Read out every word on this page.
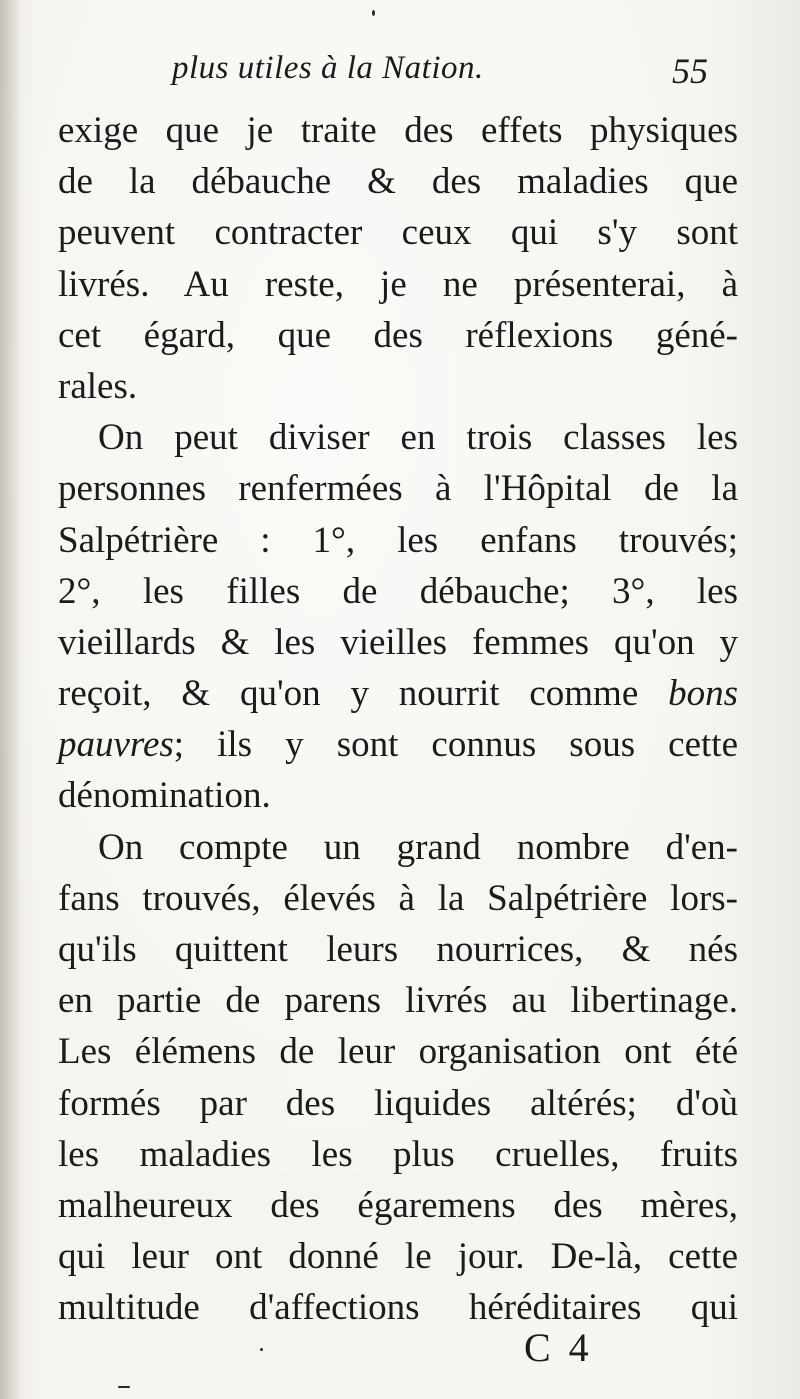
plus utiles à la Nation.	55
exige que je traite des effets physiques
de la débauche & des maladies que
peuvent contracter ceux qui s'y sont
livrés. Au reste, je ne présenterai, à
cet égard, que des réflexions géné-
rales.
On peut diviser en trois classes les
personnes renfermées à l'Hôpital de la
Salpétrière : 1°, les enfans trouvés;
2°, les filles de débauche; 3°, les
vieillards & les vieilles femmes qu'on y
reçoit, & qu'on y nourrit comme bons
pauvres; ils y sont connus sous cette
dénomination.
On compte un grand nombre d'en-
fans trouvés, élevés à la Salpétrière lors-
qu'ils quittent leurs nourrices, & nés
en partie de parens livrés au libertinage.
Les élémens de leur organisation ont été
formés par des liquides altérés; d'où
les maladies les plus cruelles, fruits
malheureux des égaremens des mères,
qui leur ont donné le jour. De-là, cette
multitude d'affections héréditaires qui
C 4
